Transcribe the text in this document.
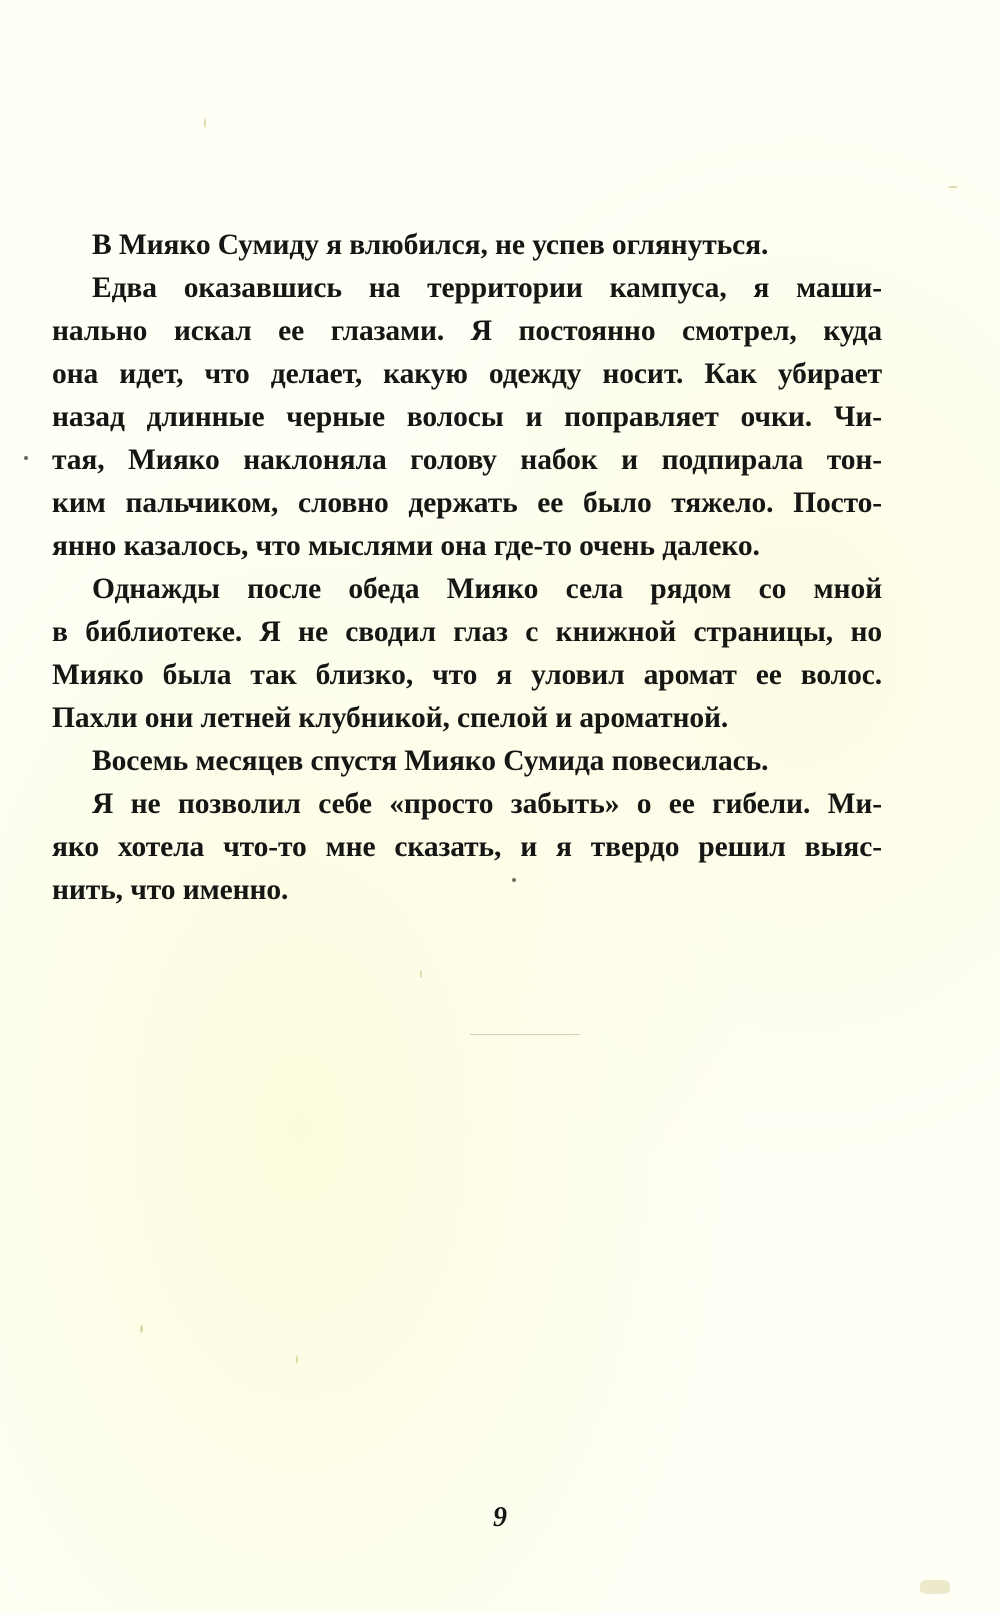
В Мияко Сумиду я влюбился, не успев оглянуться.
Едва оказавшись на территории кампуса, я маши-
нально искал ее глазами. Я постоянно смотрел, куда
она идет, что делает, какую одежду носит. Как убирает
назад длинные черные волосы и поправляет очки. Чи-
тая, Мияко наклоняла голову набок и подпирала тон-
ким пальчиком, словно держать ее было тяжело. Посто-
янно казалось, что мыслями она где-то очень далеко.
Однажды после обеда Мияко села рядом со мной
в библиотеке. Я не сводил глаз с книжной страницы, но
Мияко была так близко, что я уловил аромат ее волос.
Пахли они летней клубникой, спелой и ароматной.
Восемь месяцев спустя Мияко Сумида повесилась.
Я не позволил себе «просто забыть» о ее гибели. Ми-
яко хотела что-то мне сказать, и я твердо решил выяс-
нить, что именно.
9
